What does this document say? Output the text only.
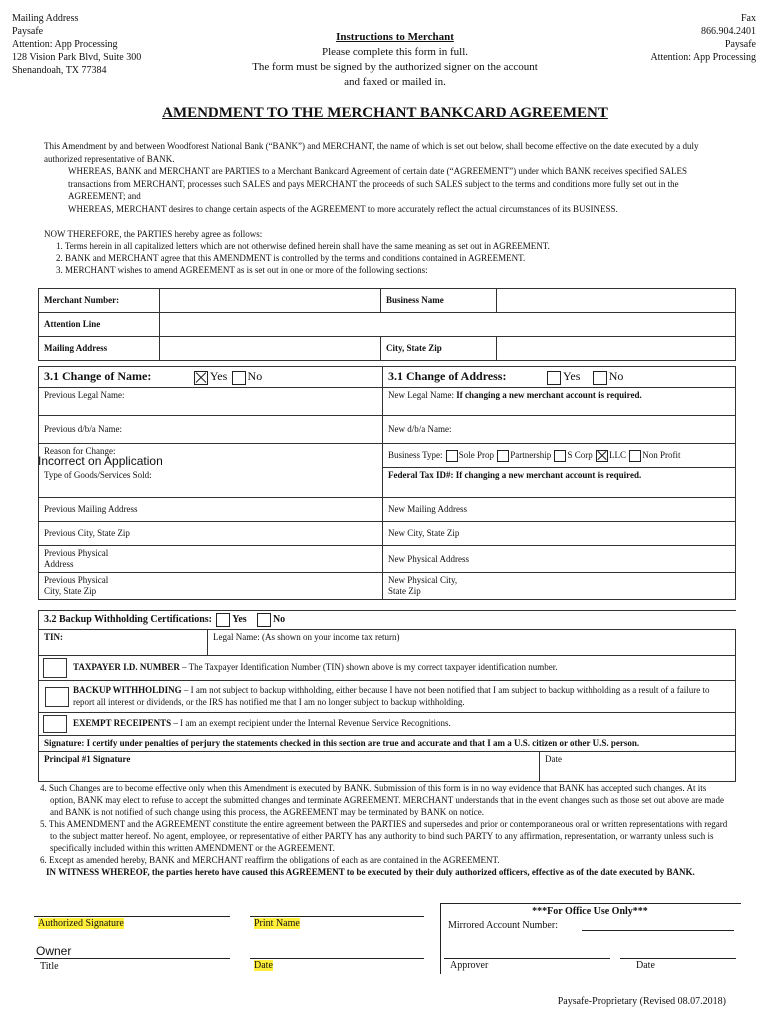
Mailing Address
Paysafe
Attention: App Processing
128 Vision Park Blvd, Suite 300
Shenandoah, TX 77384
Instructions to Merchant
Please complete this form in full.
The form must be signed by the authorized signer on the account
and faxed or mailed in.
Fax
866.904.2401
Paysafe
Attention: App Processing
AMENDMENT TO THE MERCHANT BANKCARD AGREEMENT

This Amendment by and between Woodforest National Bank (“BANK”) and MERCHANT, the name of which is set out below, shall become effective on the date executed by a duly authorized representative of BANK.

WHEREAS, BANK and MERCHANT are PARTIES to a Merchant Bankcard Agreement of certain date (“AGREEMENT”) under which BANK receives specified SALES transactions from MERCHANT, processes such SALES and pays MERCHANT the proceeds of such SALES subject to the terms and conditions more fully set out in the AGREEMENT; and

WHEREAS, MERCHANT desires to change certain aspects of the AGREEMENT to more accurately reflect the actual circumstances of its BUSINESS.

NOW THEREFORE, the PARTIES hereby agree as follows:
1. Terms herein in all capitalized letters which are not otherwise defined herein shall have the same meaning as set out in AGREEMENT.
2. BANK and MERCHANT agree that this AMENDMENT is controlled by the terms and conditions contained in AGREEMENT.
3. MERCHANT wishes to amend AGREEMENT as is set out in one or more of the following sections:
Merchant Number:		Business Name	
Attention Line			
Mailing Address		City, State Zip	
3.1 Change of Name: Yes No	3.1 Change of Address: Yes No
Previous Legal Name:	New Legal Name: If changing a new merchant account is required.
Previous d/b/a Name:	New d/b/a Name:

Reason for Change:
Incorrect on Application	Business Type: Sole Prop Partnership S Corp LLC Non Profit
Type of Goods/Services Sold:	Federal Tax ID#: If changing a new merchant account is required.
Previous Mailing Address	New Mailing Address
Previous City, State Zip	New City, State Zip

Previous Physical Address	New Physical Address

Previous Physical City, State Zip	New Physical City, State Zip
3.2 Backup Withholding Certifications: Yes No		
TIN:	Legal Name: (As shown on your income tax return)	
TAXPAYER I.D. NUMBER – The Taxpayer Identification Number (TIN) shown above is my correct taxpayer identification number.		

BACKUP WITHHOLDING – I am not subject to backup withholding, either because I have not been notified that I am subject to backup withholding as a result of a failure to report all interest or dividends, or the IRS has notified me that I am no longer subject to backup withholding.		
EXEMPT RECEIPENTS – I am an exempt recipient under the Internal Revenue Service Recognitions.		
Signature: I certify under penalties of perjury the statements checked in this section are true and accurate and that I am a U.S. citizen or other U.S. person.		
Principal #1 Signature		Date
4. Such Changes are to become effective only when this Amendment is executed by BANK. Submission of this form is in no way evidence that BANK has accepted such changes. At its option, BANK may elect to refuse to accept the submitted changes and terminate AGREEMENT. MERCHANT understands that in the event changes such as those set out above are made and BANK is not notified of such change using this process, the AGREEMENT may be terminated by BANK on notice.
5. This AMENDMENT and the AGREEMENT constitute the entire agreement between the PARTIES and supersedes and prior or contemporaneous oral or written representations with regard to the subject matter hereof. No agent, employee, or representative of either PARTY has any authority to bind such PARTY to any affirmation, representation, or warranty unless such is specifically included within this written AMENDMENT or the AGREEMENT.
6. Except as amended hereby, BANK and MERCHANT reaffirm the obligations of each as are contained in the AGREEMENT.
IN WITNESS WHEREOF, the parties hereto have caused this AGREEMENT to be executed by their duly authorized officers, effective as of the date executed by BANK.
Authorized Signature	Print Name
Owner
Title	Date
***For Office Use Only***
Mirrored Account Number:
Approver	Date
Paysafe-Proprietary (Revised 08.07.2018)
